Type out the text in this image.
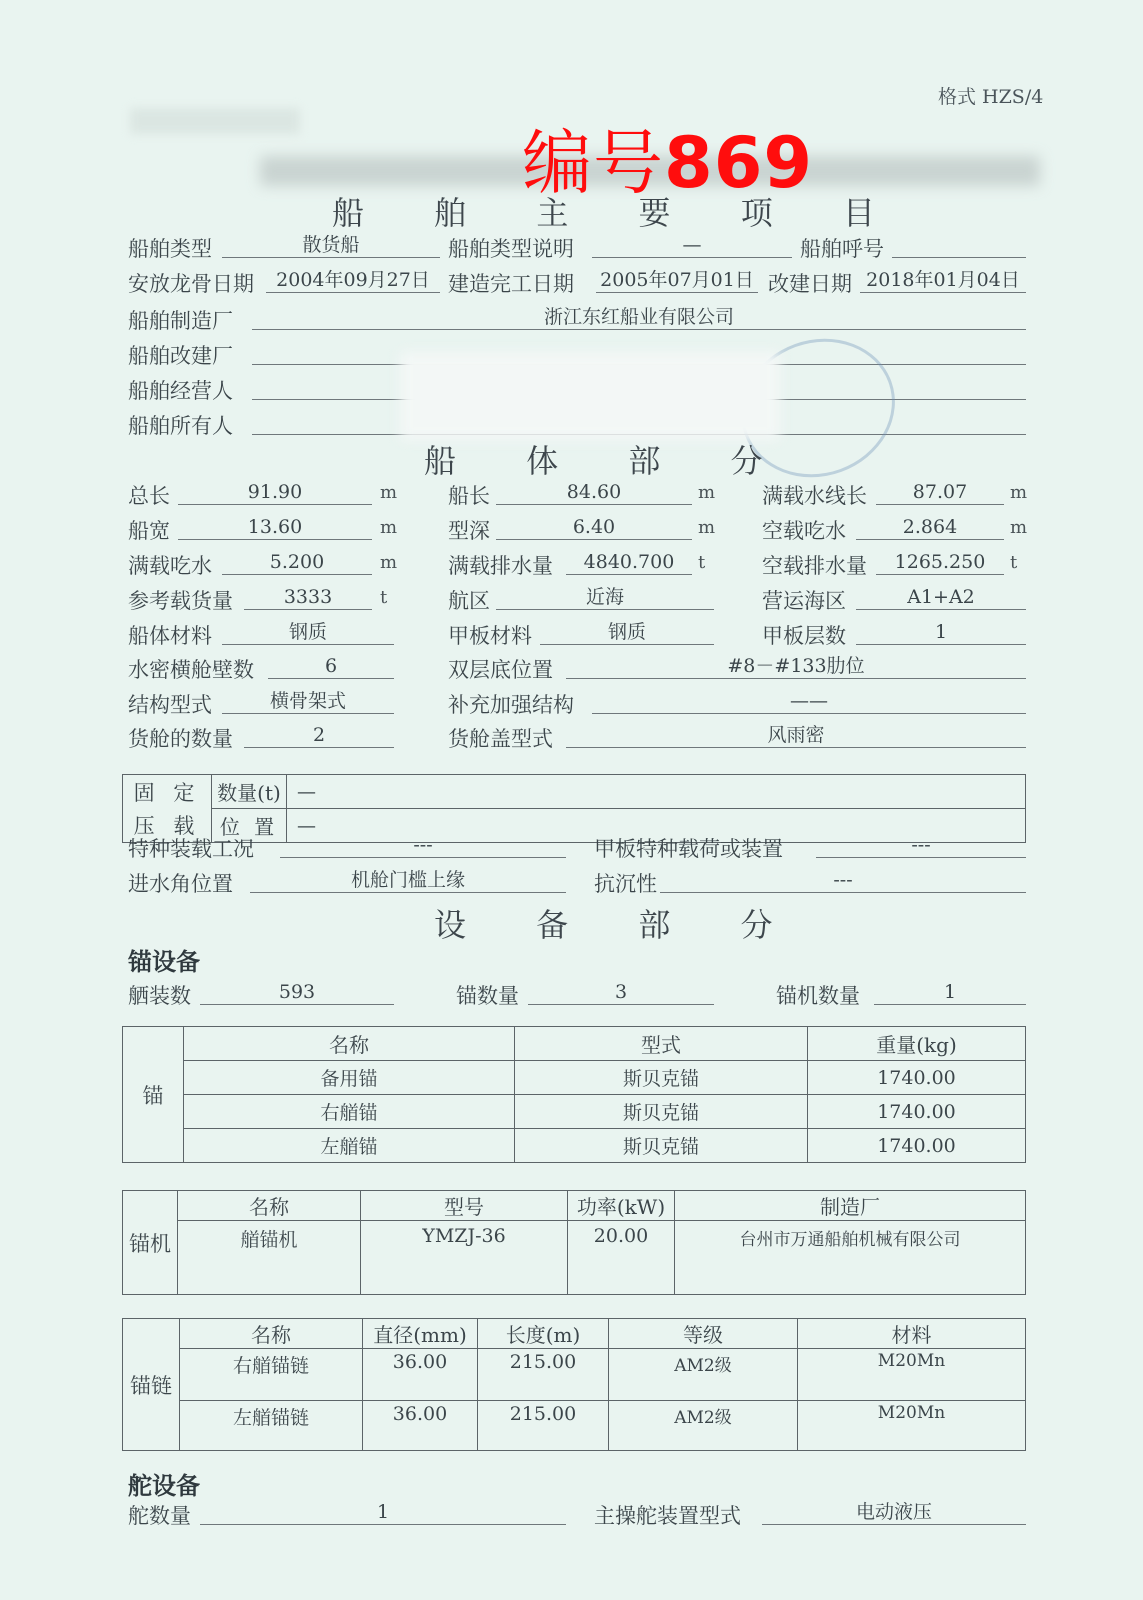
格式 HZS/4
编号869
船 舶 主 要 项 目
船舶类型	散货船	船舶类型说明	—	船舶呼号
安放龙骨日期	2004年09月27日 建造完工日期 2005年07月01日 改建日期 2018年01月04日
船舶制造厂	浙江东红船业有限公司
船舶改建厂
船舶经营人
船舶所有人
船 体 部 分
总长	91.90	m 船长	84.60	m 满载水线长	87.07	m
船宽	13.60	m 型深	6.40	m 空载吃水	2.864	m
满载吃水	5.200	m 满载排水量	4840.700	t	空载排水量	1265.250	t
参考载货量	3333	t	航区	近海	营运海区	A1+A2
船体材料	钢质	甲板材料	钢质	甲板层数	1
水密横舱壁数	6	双层底位置	#8－#133肋位
结构型式	横骨架式	补充加强结构	——
货舱的数量	2	货舱盖型式	风雨密
固 定	数量(t)	—
压 载	位 置	—
特种装载工况	---	甲板特种载荷或装置	---
进水角位置	机舱门槛上缘	抗沉性	---
设 备 部 分
锚设备
舾装数	593	锚数量	3	锚机数量	1
锚	名称	型式	重量(kg)
	备用锚	斯贝克锚	1740.00
	右艏锚	斯贝克锚	1740.00
	左艏锚	斯贝克锚	1740.00
锚机	名称	型号	功率(kW)	制造厂
	艏锚机	YMZJ-36	20.00	台州市万通船舶机械有限公司
锚链	名称	直径(mm)	长度(m)	等级	材料
	右艏锚链	36.00	215.00	AM2级	M20Mn
	左艏锚链	36.00	215.00	AM2级	M20Mn
舵设备
舵数量	1	主操舵装置型式	电动液压
